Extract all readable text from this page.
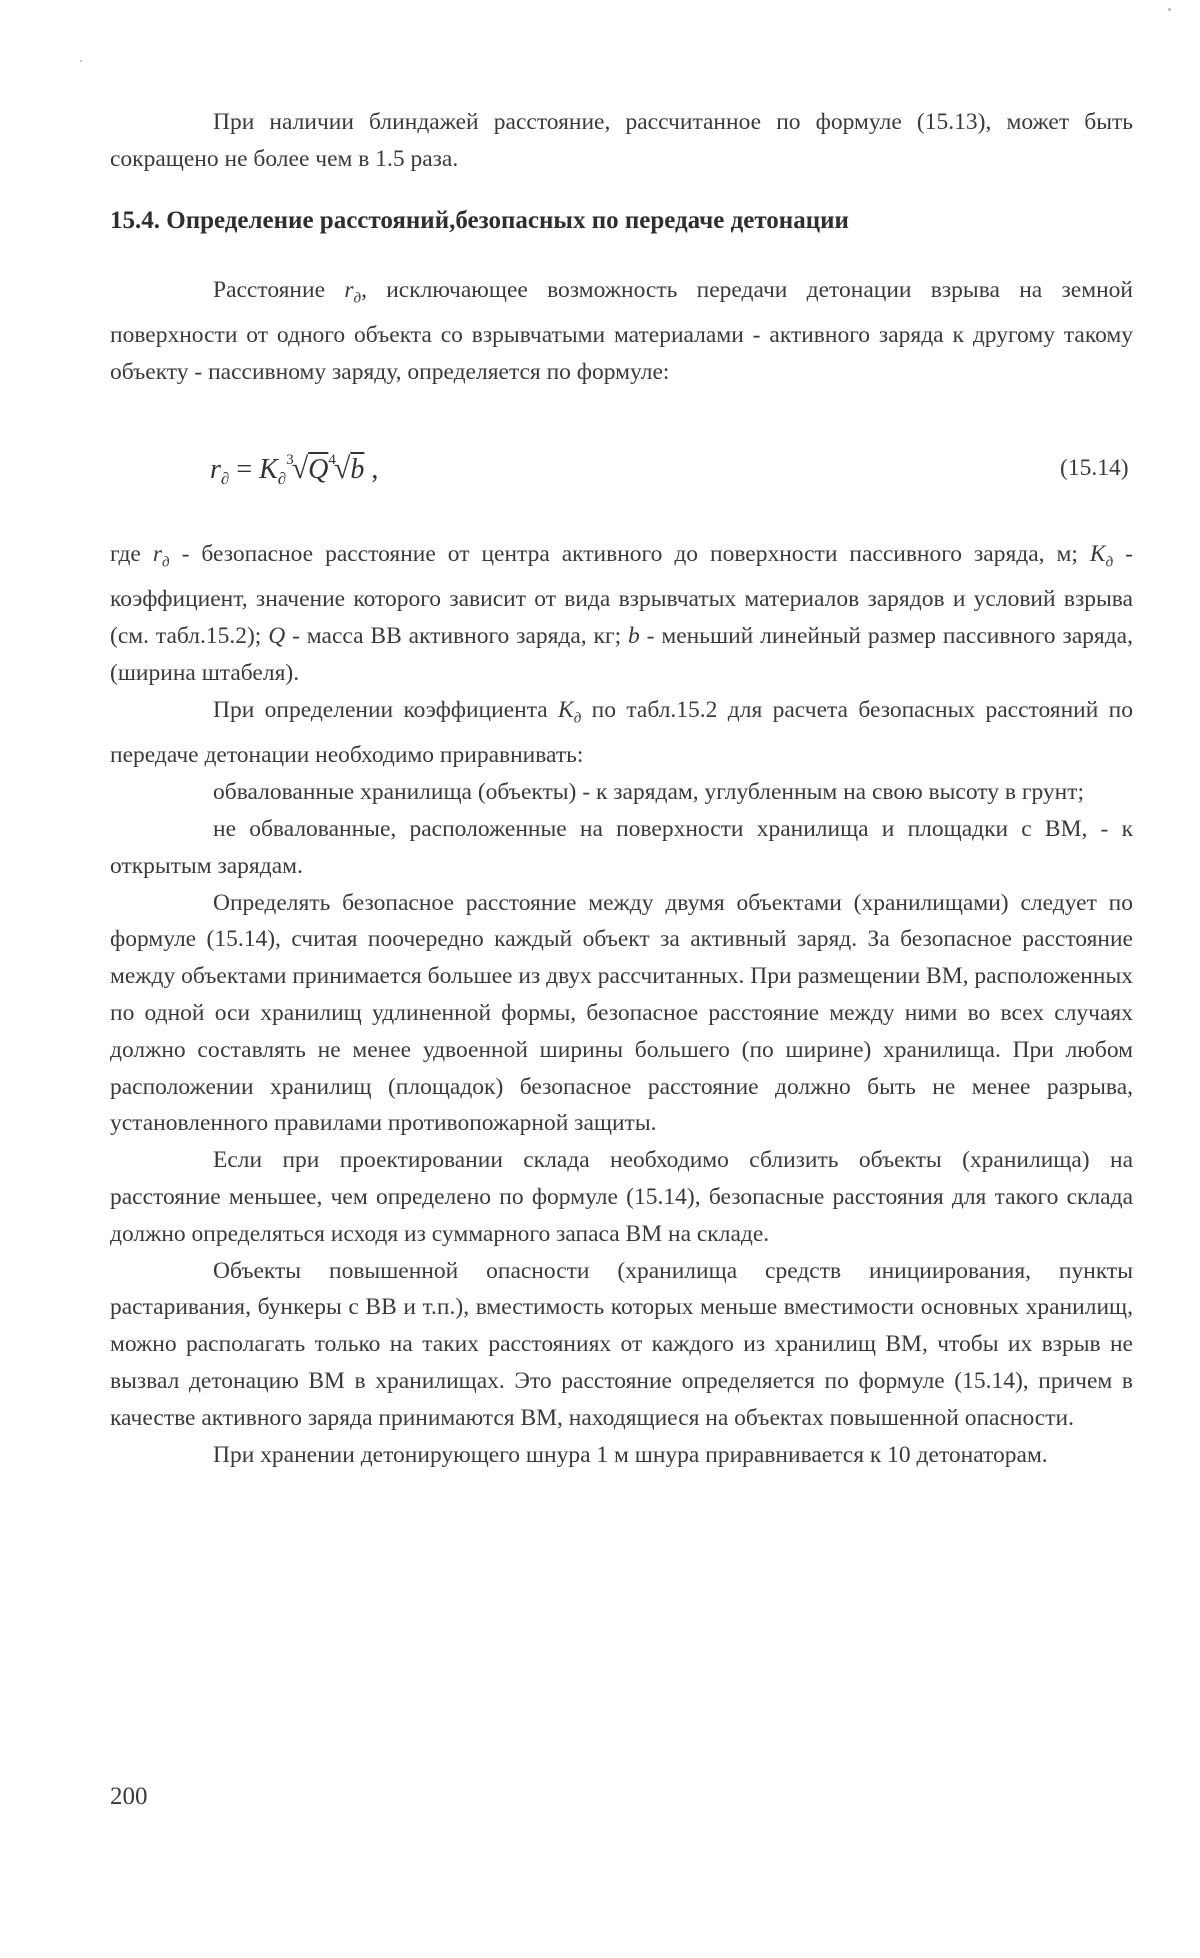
При наличии блиндажей расстояние, рассчитанное по формуле (15.13), может быть сокращено не более чем в 1.5 раза.

15.4. Определение расстояний,безопасных по передаче детонации

Расстояние $r_д$, исключающее возможность передачи детонации взрыва на земной поверхности от одного объекта со взрывчатыми материалами - активного заряда к другому такому объекту - пассивному заряду, определяется по формуле:

$r_\partial = K_\partial^3√Q^4√b$ ,	(15.14)

где $r_д$ - безопасное расстояние от центра активного до поверхности пассивного заряда, м; $K_д$ - коэффициент, значение которого зависит от вида взрывчатых материалов зарядов и условий взрыва (см. табл.15.2); Q - масса ВВ активного заряда, кг; b - меньший линейный размер пассивного заряда, (ширина штабеля).

При определении коэффициента $K_д$ по табл.15.2 для расчета безопасных расстояний по передаче детонации необходимо приравнивать:

обвалованные хранилища (объекты) - к зарядам, углубленным на свою высоту в грунт;

не обвалованные, расположенные на поверхности хранилища и площадки с ВМ, - к открытым зарядам.

Определять безопасное расстояние между двумя объектами (хранилищами) следует по формуле (15.14), считая поочередно каждый объект за активный заряд. За безопасное расстояние между объектами принимается большее из двух рассчитанных. При размещении ВМ, расположенных по одной оси хранилищ удлиненной формы, безопасное расстояние между ними во всех случаях должно составлять не менее удвоенной ширины большего (по ширине) хранилища. При любом расположении хранилищ (площадок) безопасное расстояние должно быть не менее разрыва, установленного правилами противопожарной защиты.

Если при проектировании склада необходимо сблизить объекты (хранилища) на расстояние меньшее, чем определено по формуле (15.14), безопасные расстояния для такого склада должно определяться исходя из суммарного запаса ВМ на складе.

Объекты повышенной опасности (хранилища средств инициирования, пункты растаривания, бункеры с ВВ и т.п.), вместимость которых меньше вместимости основных хранилищ, можно располагать только на таких расстояниях от каждого из хранилищ ВМ, чтобы их взрыв не вызвал детонацию ВМ в хранилищах. Это расстояние определяется по формуле (15.14), причем в качестве активного заряда принимаются ВМ, находящиеся на объектах повышенной опасности.

При хранении детонирующего шнура 1 м шнура приравнивается к 10 детонаторам.

200
